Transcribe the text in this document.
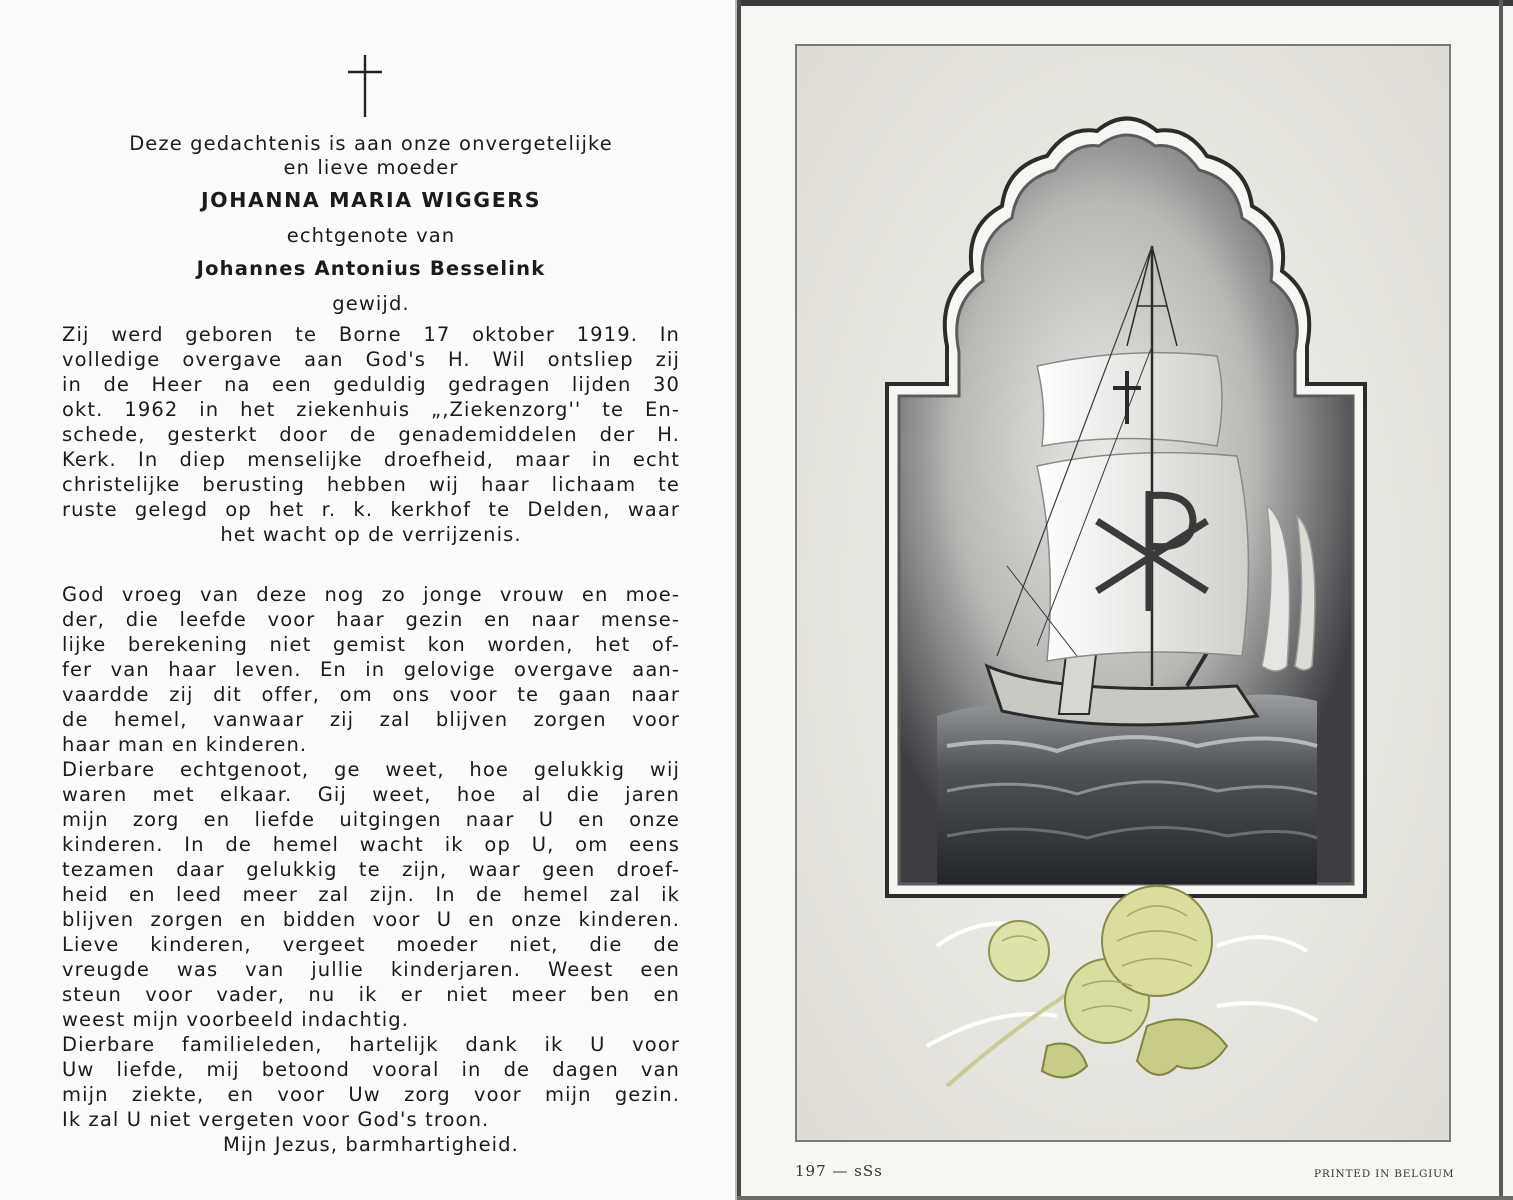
Deze gedachtenis is aan onze onvergetelijke
en lieve moeder
JOHANNA MARIA WIGGERS
echtgenote van
Johannes Antonius Besselink
gewijd.
Zij werd geboren te Borne 17 oktober 1919. In
volledige overgave aan God's H. Wil ontsliep zij
in de Heer na een geduldig gedragen lijden 30
okt. 1962 in het ziekenhuis „,Ziekenzorg'' te En-
schede, gesterkt door de genademiddelen der H.
Kerk. In diep menselijke droefheid, maar in echt
christelijke berusting hebben wij haar lichaam te
ruste gelegd op het r. k. kerkhof te Delden, waar
het wacht op de verrijzenis.
God vroeg van deze nog zo jonge vrouw en moe-
der, die leefde voor haar gezin en naar mense-
lijke berekening niet gemist kon worden, het of-
fer van haar leven. En in gelovige overgave aan-
vaardde zij dit offer, om ons voor te gaan naar
de hemel, vanwaar zij zal blijven zorgen voor
haar man en kinderen.
Dierbare echtgenoot, ge weet, hoe gelukkig wij
waren met elkaar. Gij weet, hoe al die jaren
mijn zorg en liefde uitgingen naar U en onze
kinderen. In de hemel wacht ik op U, om eens
tezamen daar gelukkig te zijn, waar geen droef-
heid en leed meer zal zijn. In de hemel zal ik
blijven zorgen en bidden voor U en onze kinderen.
Lieve kinderen, vergeet moeder niet, die de
vreugde was van jullie kinderjaren. Weest een
steun voor vader, nu ik er niet meer ben en
weest mijn voorbeeld indachtig.
Dierbare familieleden, hartelijk dank ik U voor
Uw liefde, mij betoond vooral in de dagen van
mijn ziekte, en voor Uw zorg voor mijn gezin.
Ik zal U niet vergeten voor God's troon.
Mijn Jezus, barmhartigheid.
197 — sSs	PRINTED IN BELGIUM
